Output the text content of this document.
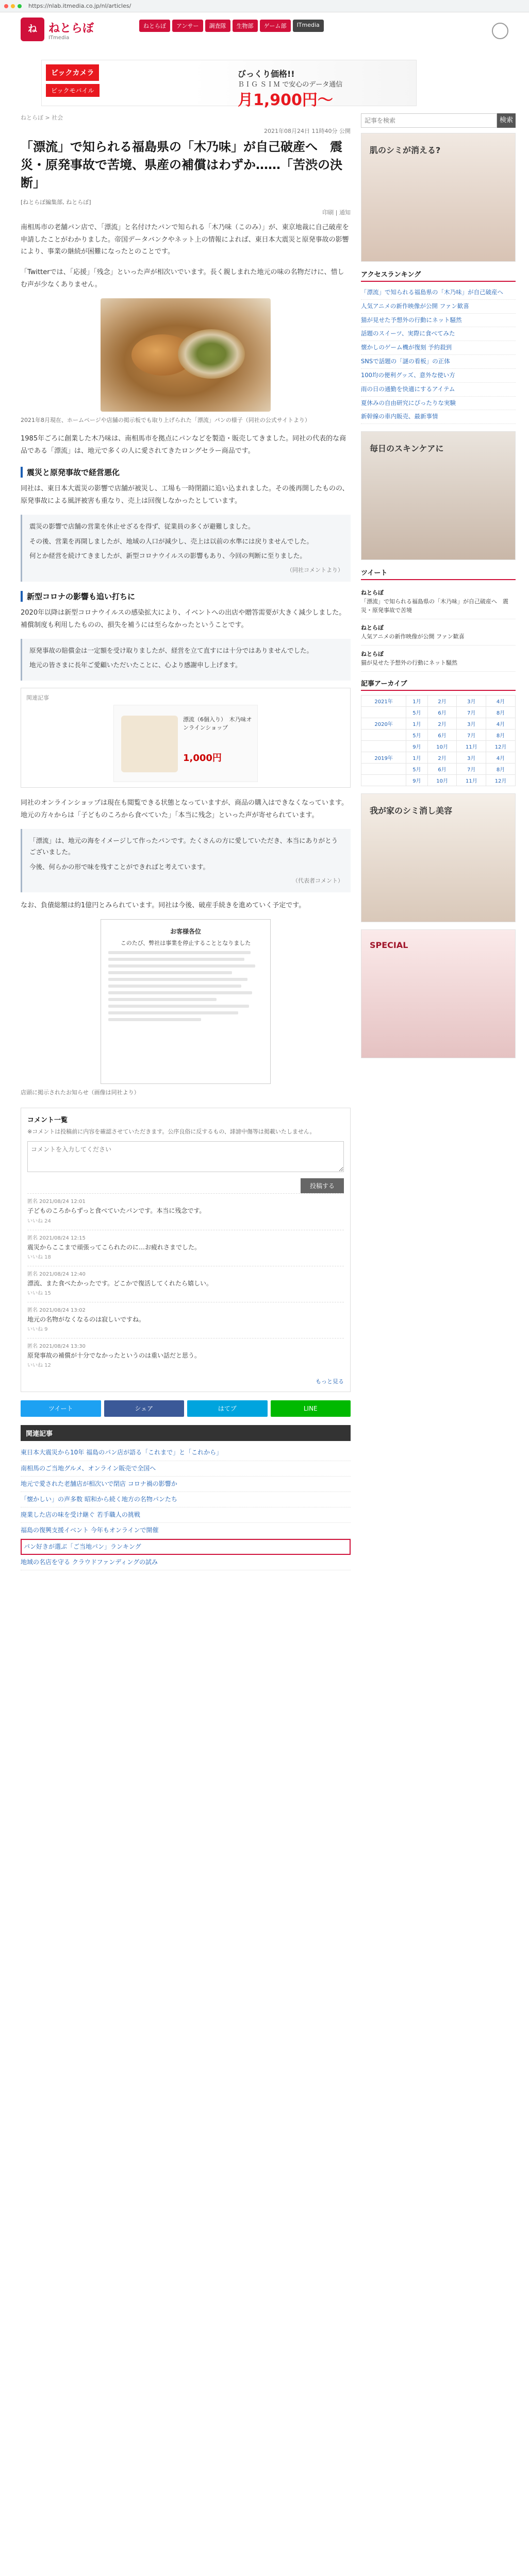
https://nlab.itmedia.co.jp/nl/articles/
ね ねとらぼ
ITmedia
ねとらぼ	アンサー	調査隊	生物部	ゲーム部	ITmedia
ビックカメラ
ビックモバイル
びっくり価格!!
ＢＩＧ ＳＩＭ で安心のデータ通信
月1,900円〜
ねとらぼ > 社会
2021年08月24日 11時40分 公開
「漂流」で知られる福島県の「木乃味」が自己破産へ　震災・原発事故で苦境、県産の補償はわずか……「苦渋の決断」
[ねとらぼ編集部, ねとらぼ]
印刷 | 通知

南相馬市の老舗パン店で、「漂流」と名付けたパンで知られる「木乃味（このみ）」が、東京地裁に自己破産を申請したことがわかりました。帝国データバンクやネット上の情報によれば、東日本大震災と原発事故の影響により、事業の継続が困難になったとのことです。

「Twitterでは、「応援」「残念」といった声が相次いでいます。長く親しまれた地元の味の名物だけに、惜しむ声が少なくありません。

2021年8月現在、ホームページや店舗の掲示板でも取り上げられた「漂流」パンの様子（同社の公式サイトより）

1985年ごろに創業した木乃味は、南相馬市を拠点にパンなどを製造・販売してきました。同社の代表的な商品である「漂流」は、地元で多くの人に愛されてきたロングセラー商品です。

震災と原発事故で経営悪化

同社は、東日本大震災の影響で店舗が被災し、工場も一時閉鎖に追い込まれました。その後再開したものの、原発事故による風評被害も重なり、売上は回復しなかったとしています。

震災の影響で店舗の営業を休止せざるを得ず、従業員の多くが避難しました。

その後、営業を再開しましたが、地域の人口が減少し、売上は以前の水準には戻りませんでした。

何とか経営を続けてきましたが、新型コロナウイルスの影響もあり、今回の判断に至りました。

（同社コメントより）
新型コロナの影響も追い打ちに

2020年以降は新型コロナウイルスの感染拡大により、イベントへの出店や贈答需要が大きく減少しました。補償制度も利用したものの、損失を補うには至らなかったということです。

原発事故の賠償金は一定額を受け取りましたが、経営を立て直すには十分ではありませんでした。

地元の皆さまに長年ご愛顧いただいたことに、心より感謝申し上げます。

関連記事
漂流（6個入り）　木乃味オンラインショップ
1,000円

同社のオンラインショップは現在も閲覧できる状態となっていますが、商品の購入はできなくなっています。地元の方々からは「子どものころから食べていた」「本当に残念」といった声が寄せられています。

「漂流」は、地元の海をイメージして作ったパンです。たくさんの方に愛していただき、本当にありがとうございました。

今後、何らかの形で味を残すことができればと考えています。

（代表者コメント）

なお、負債総額は約1億円とみられています。同社は今後、破産手続きを進めていく予定です。

お客様各位
このたび、弊社は事業を停止することとなりました

店頭に掲示されたお知らせ（画像は同社より）

コメント一覧
※コメントは投稿前に内容を確認させていただきます。公序良俗に反するもの、誹謗中傷等は掲載いたしません。
コメントを入力してください
投稿する
匿名 2021/08/24 12:01
子どものころからずっと食べていたパンです。本当に残念です。
いいね 24
匿名 2021/08/24 12:15
震災からここまで頑張ってこられたのに…お疲れさまでした。
いいね 18
匿名 2021/08/24 12:40
漂流、また食べたかったです。どこかで復活してくれたら嬉しい。
いいね 15
匿名 2021/08/24 13:02
地元の名物がなくなるのは寂しいですね。
いいね 9
匿名 2021/08/24 13:30
原発事故の補償が十分でなかったというのは重い話だと思う。
いいね 12
もっと見る
ツイート	シェア	はてブ	LINE
関連記事
東日本大震災から10年 福島のパン店が語る「これまで」と「これから」
南相馬のご当地グルメ、オンライン販売で全国へ
地元で愛された老舗店が相次いで閉店 コロナ禍の影響か
「懐かしい」の声多数 昭和から続く地方の名物パンたち
廃業した店の味を受け継ぐ 若手職人の挑戦
福島の復興支援イベント 今年もオンラインで開催
パン好きが選ぶ「ご当地パン」ランキング
地域の名店を守る クラウドファンディングの試み
記事を検索
検索
肌のシミが消える?
アクセスランキング
「漂流」で知られる福島県の「木乃味」が自己破産へ
人気アニメの新作映像が公開 ファン歓喜
猫が見せた予想外の行動にネット騒然
話題のスイーツ、実際に食べてみた
懐かしのゲーム機が復刻 予約殺到
SNSで話題の「謎の看板」の正体
100均の便利グッズ、意外な使い方
雨の日の通勤を快適にするアイテム
夏休みの自由研究にぴったりな実験
新幹線の車内販売、最新事情
毎日のスキンケアに
ツイート
ねとらぼ
「漂流」で知られる福島県の「木乃味」が自己破産へ　震災・原発事故で苦境
ねとらぼ
人気アニメの新作映像が公開 ファン歓喜
ねとらぼ
猫が見せた予想外の行動にネット騒然
記事アーカイブ
2021年	1月	2月	3月	4月
	5月	6月	7月	8月
2020年	1月	2月	3月	4月
	5月	6月	7月	8月
	9月	10月	11月	12月
2019年	1月	2月	3月	4月
	5月	6月	7月	8月
	9月	10月	11月	12月
我が家のシミ消し美容
SPECIAL
